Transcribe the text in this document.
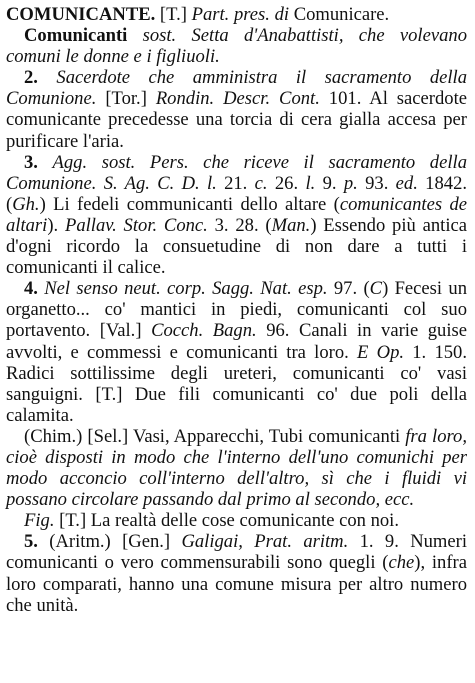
COMUNICANTE. [T.] Part. pres. di Comunicare.

Comunicanti sost. Setta d'Anabattisti, che volevano comuni le donne e i figliuoli.

2. Sacerdote che amministra il sacramento della Comunione. [Tor.] Rondin. Descr. Cont. 101. Al sacerdote comunicante precedesse una torcia di cera gialla accesa per purificare l'aria.

3. Agg. sost. Pers. che riceve il sacramento della Comunione. S. Ag. C. D. l. 21. c. 26. l. 9. p. 93. ed. 1842. (Gh.) Li fedeli communicanti dello altare (comunicantes de altari). Pallav. Stor. Conc. 3. 28. (Man.) Essendo più antica d'ogni ricordo la consuetudine di non dare a tutti i comunicanti il calice.

4. Nel senso neut. corp. Sagg. Nat. esp. 97. (C) Fecesi un organetto... co' mantici in piedi, comunicanti col suo portavento. [Val.] Cocch. Bagn. 96. Canali in varie guise avvolti, e commessi e comunicanti tra loro. E Op. 1. 150. Radici sottilissime degli ureteri, comunicanti co' vasi sanguigni. [T.] Due fili comunicanti co' due poli della calamita.

(Chim.) [Sel.] Vasi, Apparecchi, Tubi comunicanti fra loro, cioè disposti in modo che l'interno dell'uno comunichi per modo acconcio coll'interno dell'altro, sì che i fluidi vi possano circolare passando dal primo al secondo, ecc.

Fig. [T.] La realtà delle cose comunicante con noi.

5. (Aritm.) [Gen.] Galigai, Prat. aritm. 1. 9. Numeri comunicanti o vero commensurabili sono quegli (che), infra loro comparati, hanno una comune misura per altro numero che unità.
